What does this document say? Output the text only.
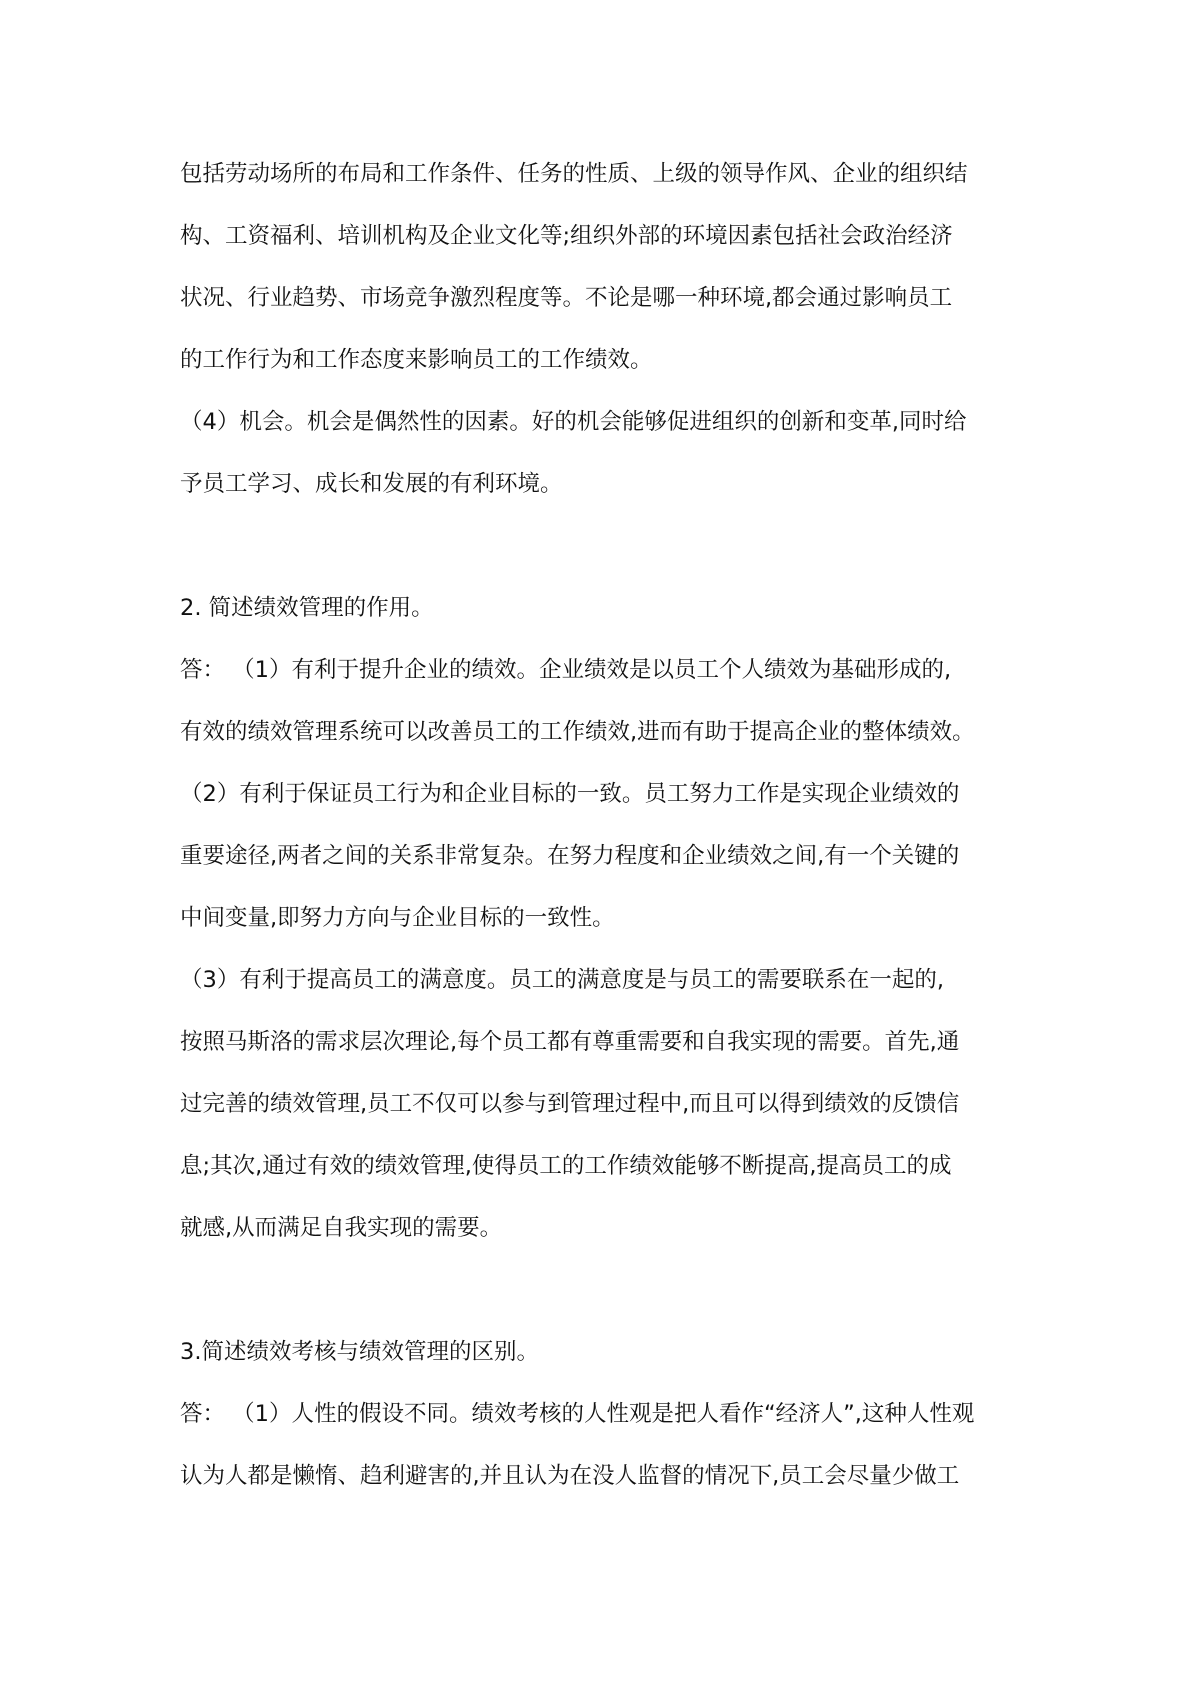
包括劳动场所的布局和工作条件、任务的性质、上级的领导作风、企业的组织结
构、工资福利、培训机构及企业文化等;组织外部的环境因素包括社会政治经济
状况、行业趋势、市场竞争激烈程度等。不论是哪一种环境,都会通过影响员工
的工作行为和工作态度来影响员工的工作绩效。
（4）机会。机会是偶然性的因素。好的机会能够促进组织的创新和变革,同时给
予员工学习、成长和发展的有利环境。
2. 简述绩效管理的作用。
答： （1）有利于提升企业的绩效。企业绩效是以员工个人绩效为基础形成的,
有效的绩效管理系统可以改善员工的工作绩效,进而有助于提高企业的整体绩效。
（2）有利于保证员工行为和企业目标的一致。员工努力工作是实现企业绩效的
重要途径,两者之间的关系非常复杂。在努力程度和企业绩效之间,有一个关键的
中间变量,即努力方向与企业目标的一致性。
（3）有利于提高员工的满意度。员工的满意度是与员工的需要联系在一起的,
按照马斯洛的需求层次理论,每个员工都有尊重需要和自我实现的需要。首先,通
过完善的绩效管理,员工不仅可以参与到管理过程中,而且可以得到绩效的反馈信
息;其次,通过有效的绩效管理,使得员工的工作绩效能够不断提高,提高员工的成
就感,从而满足自我实现的需要。
3.简述绩效考核与绩效管理的区别。
答： （1）人性的假设不同。绩效考核的人性观是把人看作“经济人”,这种人性观
认为人都是懒惰、趋利避害的,并且认为在没人监督的情况下,员工会尽量少做工
